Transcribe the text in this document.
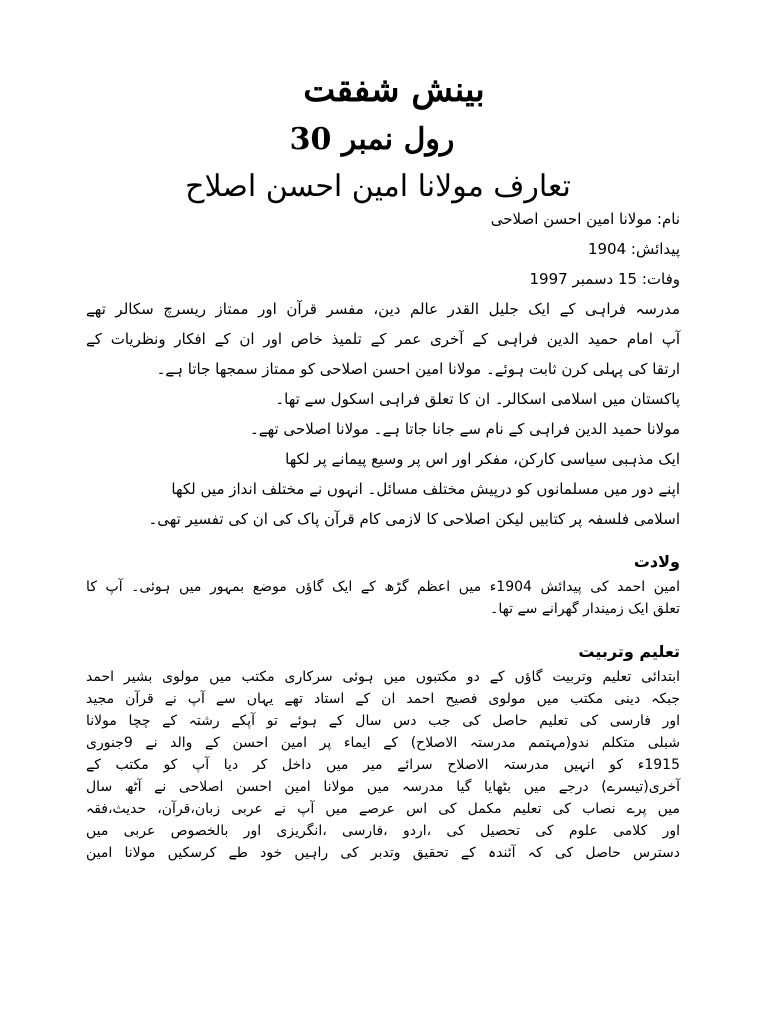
بینش شفقت
رول نمبر 30
تعارف مولانا امین احسن اصلاح
نام: مولانا امین احسن اصلاحی
پیدائش: 1904
وفات: 15 دسمبر 1997
مدرسہ فراہی کے ایک جلیل القدر عالم دین، مفسر قرآن اور ممتاز ریسرچ سکالر تھے
آپ امام حمید الدین فراہی کے آخری عمر کے تلمیذ خاص اور ان کے افکار ونظریات کے
ارتقا کی پہلی کرن ثابت ہوئے۔ مولانا امین احسن اصلاحی کو ممتاز سمجھا جاتا ہے۔
پاکستان میں اسلامی اسکالر۔ ان کا تعلق فراہی اسکول سے تھا۔
مولانا حمید الدین فراہی کے نام سے جانا جاتا ہے۔ مولانا اصلاحی تھے۔
ایک مذہبی سیاسی کارکن، مفکر اور اس پر وسیع پیمانے پر لکھا
اپنے دور میں مسلمانوں کو درپیش مختلف مسائل۔ انہوں نے مختلف انداز میں لکھا
اسلامی فلسفہ پر کتابیں لیکن اصلاحی کا لازمی کام قرآن پاک کی ان کی تفسیر تھی۔
ولادت
امین احمد کی پیدائش 1904ء میں اعظم گڑھ کے ایک گاؤں موضع بمہور میں ہوئی۔ آپ کا
تعلق ایک زمیندار گھرانے سے تھا۔
تعلیم وتربیت
ابتدائی تعلیم وتربیت گاؤں کے دو مکتبوں میں ہوئی سرکاری مکتب میں مولوی بشیر احمد
جبکہ دینی مکتب میں مولوی فصیح احمد ان کے استاد تھے یہاں سے آپ نے قرآن مجید
اور فارسی کی تعلیم حاصل کی جب دس سال کے ہوئے تو آپکے رشتہ کے چچا مولانا
شبلی متکلم ندو(مہتمم مدرستہ الاصلاح) کے ایماء پر امین احسن کے والد نے 9جنوری
1915ء کو انہیں مدرستہ الاصلاح سرائے میر میں داخل کر دیا آپ کو مکتب کے
آخری(تیسرے) درجے میں بٹھایا گیا مدرسہ میں مولانا امین احسن اصلاحی نے آٹھ سال
میں پرے نصاب کی تعلیم مکمل کی اس عرصے میں آپ نے عربی زبان،قرآن، حدیث،فقہ
اور کلامی علوم کی تحصیل کی ،اردو ،فارسی ،انگریزی اور بالخصوص عربی میں
دسترس حاصل کی کہ آئندہ کے تحقیق وتدبر کی راہیں خود طے کرسکیں مولانا امین
